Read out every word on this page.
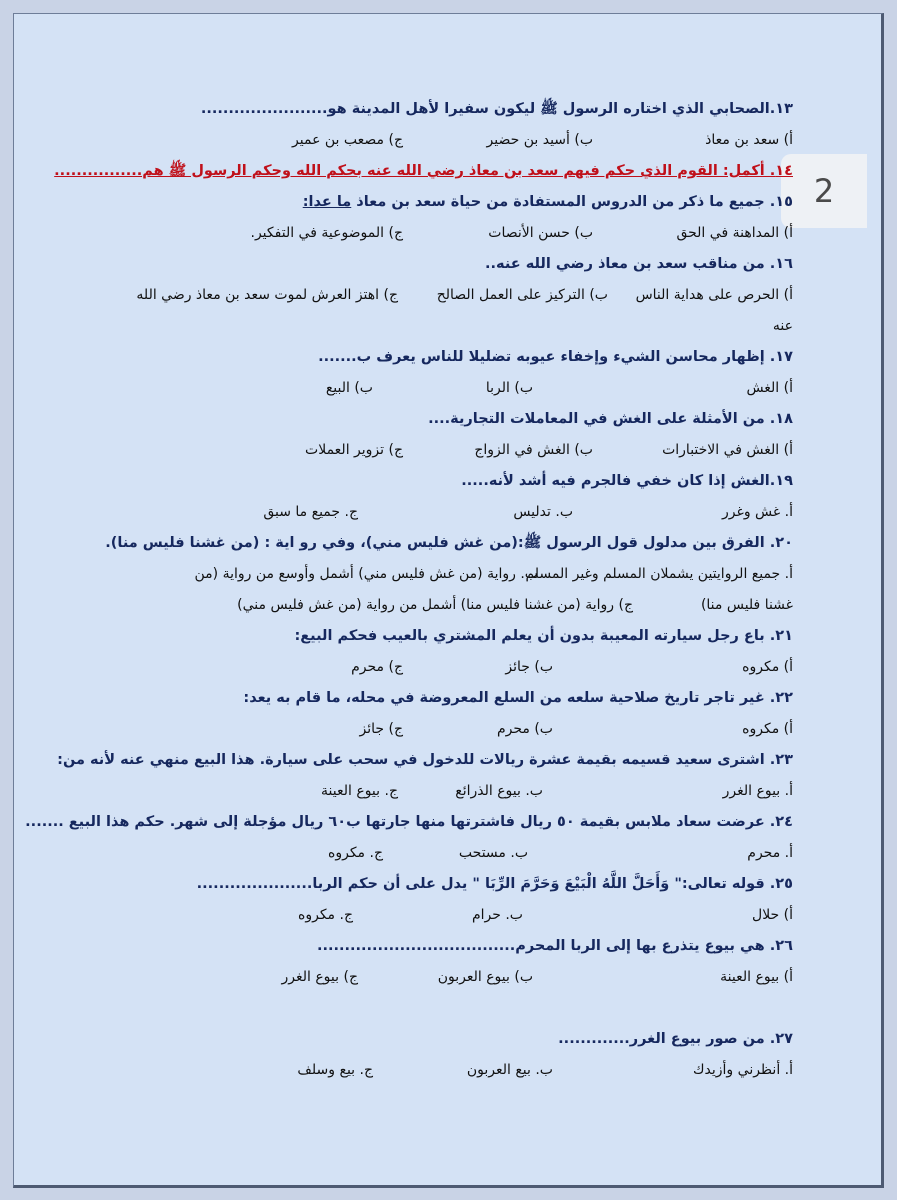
2
١٣.الصحابي الذي اختاره الرسول ﷺ ليكون سفيرا لأهل المدينة هو.......................
أ) سعد بن معاذ
ب) أسيد بن حضير
ج) مصعب بن عمير
١٤. أكمل: القوم الذي حكم فيهم سعد بن معاذ رضي الله عنه بحكم الله وحكم الرسول ﷺ هم................
١٥. جميع ما ذكر من الدروس المستفادة من حياة سعد بن معاذ ما عدا:
أ) المداهنة في الحق
ب) حسن الأنصات
ج) الموضوعية في التفكير.
١٦. من مناقب سعد بن معاذ رضي الله عنه..
أ) الحرص على هداية الناس
ب) التركيز على العمل الصالح
ج) اهتز العرش لموت سعد بن معاذ رضي الله
عنه
١٧. إظهار محاسن الشيء وإخفاء عيوبه تضليلا للناس يعرف ب.......
أ) الغش
ب) الربا
ب) البيع
١٨. من الأمثلة على الغش في المعاملات التجارية....
أ) الغش في الاختبارات
ب) الغش في الزواج
ج) تزوير العملات
١٩.الغش إذا كان خفي فالجرم فيه أشد لأنه.....
أ. غش وغرر
ب. تدليس
ج. جميع ما سبق
٢٠. الفرق بين مدلول قول الرسول ﷺ:(من غش فليس مني)، وفي رو اية : (من غشنا فليس منا).
أ. جميع الروايتين يشملان المسلم وغير المسلم
ب. رواية (من غش فليس مني) أشمل وأوسع من رواية (من
غشنا فليس منا)
ج) رواية (من غشنا فليس منا) أشمل من رواية (من غش فليس مني)
٢١. باع رجل سيارته المعيبة بدون أن يعلم المشتري بالعيب فحكم البيع:
أ) مكروه
ب) جائز
ج) محرم
٢٢. غير تاجر تاريخ صلاحية سلعه من السلع المعروضة في محله، ما قام به يعد:
أ) مكروه
ب) محرم
ج) جائز
٢٣. اشترى سعيد قسيمه بقيمة عشرة ريالات للدخول في سحب على سيارة. هذا البيع منهي عنه لأنه من:
أ. بيوع الغرر
ب. بيوع الذرائع
ج. بيوع العينة
٢٤. عرضت سعاد ملابس بقيمة ٥٠ ريال فاشترتها منها جارتها ب٦٠ ريال مؤجلة إلى شهر. حكم هذا البيع .......
أ. محرم
ب. مستحب
ج. مكروه
٢٥. قوله تعالى:" وَأَحَلَّ اللَّهُ الْبَيْعَ وَحَرَّمَ الرِّبَا " يدل على أن حكم الربا.....................
أ) حلال
ب. حرام
ج. مكروه
٢٦. هي بيوع يتذرع بها إلى الربا المحرم....................................
أ) بيوع العينة
ب) بيوع العربون
ج) بيوع الغرر
٢٧. من صور بيوع الغرر.............
أ. أنظرني وأزيدك
ب. بيع العربون
ج. بيع وسلف
